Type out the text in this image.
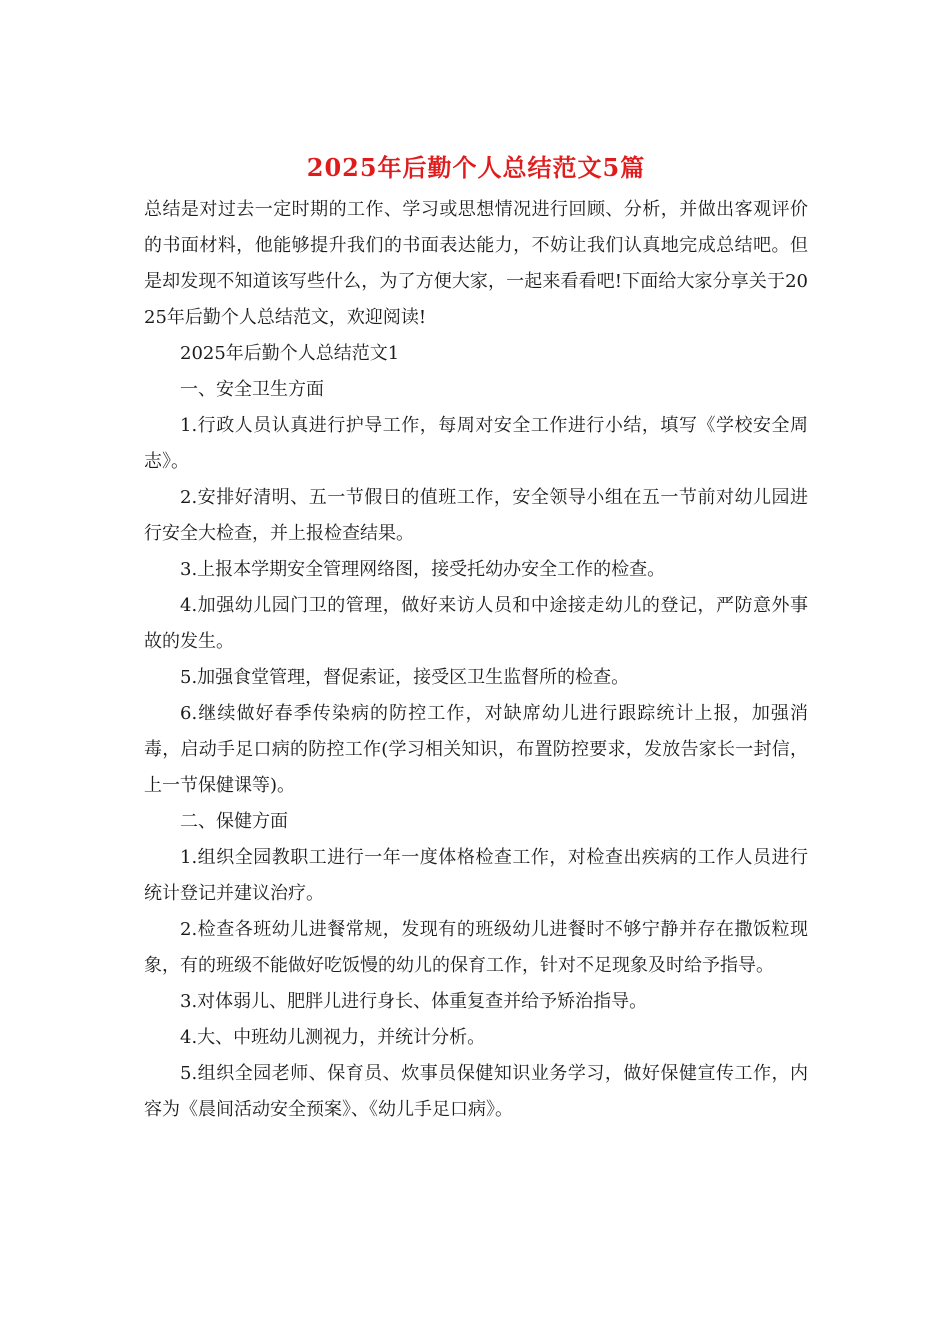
2025年后勤个人总结范文5篇

总结是对过去一定时期的工作、学习或思想情况进行回顾、分析，并做出客观评价的书面材料，他能够提升我们的书面表达能力，不妨让我们认真地完成总结吧。但是却发现不知道该写些什么，为了方便大家，一起来看看吧!下面给大家分享关于2025年后勤个人总结范文，欢迎阅读!

2025年后勤个人总结范文1

一、安全卫生方面

1.行政人员认真进行护导工作，每周对安全工作进行小结，填写《学校安全周志》。

2.安排好清明、五一节假日的值班工作，安全领导小组在五一节前对幼儿园进行安全大检查，并上报检查结果。

3.上报本学期安全管理网络图，接受托幼办安全工作的检查。

4.加强幼儿园门卫的管理，做好来访人员和中途接走幼儿的登记，严防意外事故的发生。

5.加强食堂管理，督促索证，接受区卫生监督所的检查。

6.继续做好春季传染病的防控工作，对缺席幼儿进行跟踪统计上报，加强消毒，启动手足口病的防控工作(学习相关知识，布置防控要求，发放告家长一封信，上一节保健课等)。

二、保健方面

1.组织全园教职工进行一年一度体格检查工作，对检查出疾病的工作人员进行统计登记并建议治疗。

2.检查各班幼儿进餐常规，发现有的班级幼儿进餐时不够宁静并存在撒饭粒现象，有的班级不能做好吃饭慢的幼儿的保育工作，针对不足现象及时给予指导。

3.对体弱儿、肥胖儿进行身长、体重复查并给予矫治指导。

4.大、中班幼儿测视力，并统计分析。

5.组织全园老师、保育员、炊事员保健知识业务学习，做好保健宣传工作，内容为《晨间活动安全预案》、《幼儿手足口病》。
